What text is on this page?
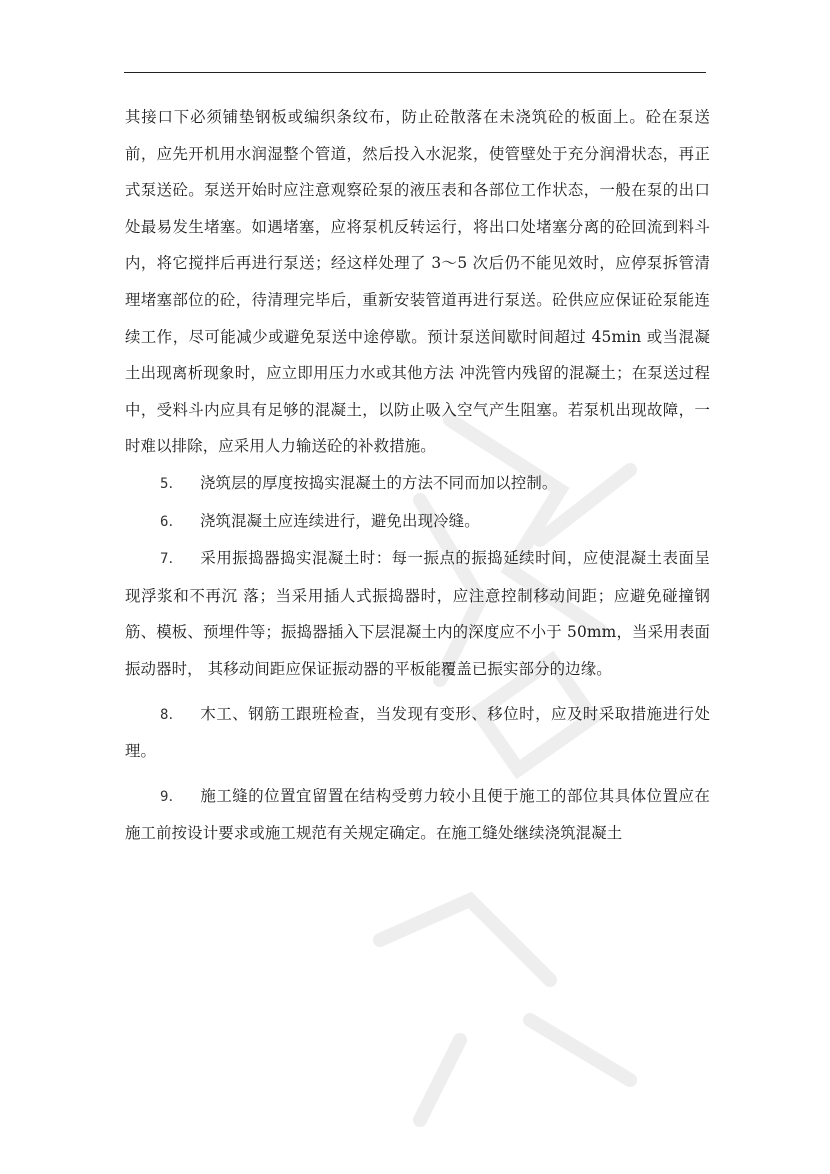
其接口下必须铺垫钢板或编织条纹布，防止砼散落在未浇筑砼的板面上。砼在泵送前，应先开机用水润湿整个管道，然后投入水泥浆，使管壁处于充分润滑状态，再正式泵送砼。泵送开始时应注意观察砼泵的液压表和各部位工作状态，一般在泵的出口处最易发生堵塞。如遇堵塞，应将泵机反转运行，将出口处堵塞分离的砼回流到料斗内，将它搅拌后再进行泵送；经这样处理了 3～5 次后仍不能见效时，应停泵拆管清理堵塞部位的砼，待清理完毕后，重新安装管道再进行泵送。砼供应应保证砼泵能连续工作，尽可能减少或避免泵送中途停歇。预计泵送间歇时间超过 45min 或当混凝土出现离析现象时，应立即用压力水或其他方法 冲洗管内残留的混凝土；在泵送过程中，受料斗内应具有足够的混凝土，以防止吸入空气产生阻塞。若泵机出现故障，一时难以排除，应采用人力输送砼的补救措施。

5． 浇筑层的厚度按捣实混凝土的方法不同而加以控制。

6． 浇筑混凝土应连续进行，避免出现冷缝。

7． 采用振捣器捣实混凝土时：每一振点的振捣延续时间，应使混凝土表面呈现浮浆和不再沉 落；当采用插人式振捣器时，应注意控制移动间距；应避免碰撞钢筋、模板、预埋件等；振捣器插入下层混凝土内的深度应不小于 50mm，当采用表面振动器时， 其移动间距应保证振动器的平板能覆盖已振实部分的边缘。

8． 木工、钢筋工跟班检查，当发现有变形、移位时，应及时采取措施进行处理。

9． 施工缝的位置宜留置在结构受剪力较小且便于施工的部位其具体位置应在施工前按设计要求或施工规范有关规定确定。在施工缝处继续浇筑混凝土
